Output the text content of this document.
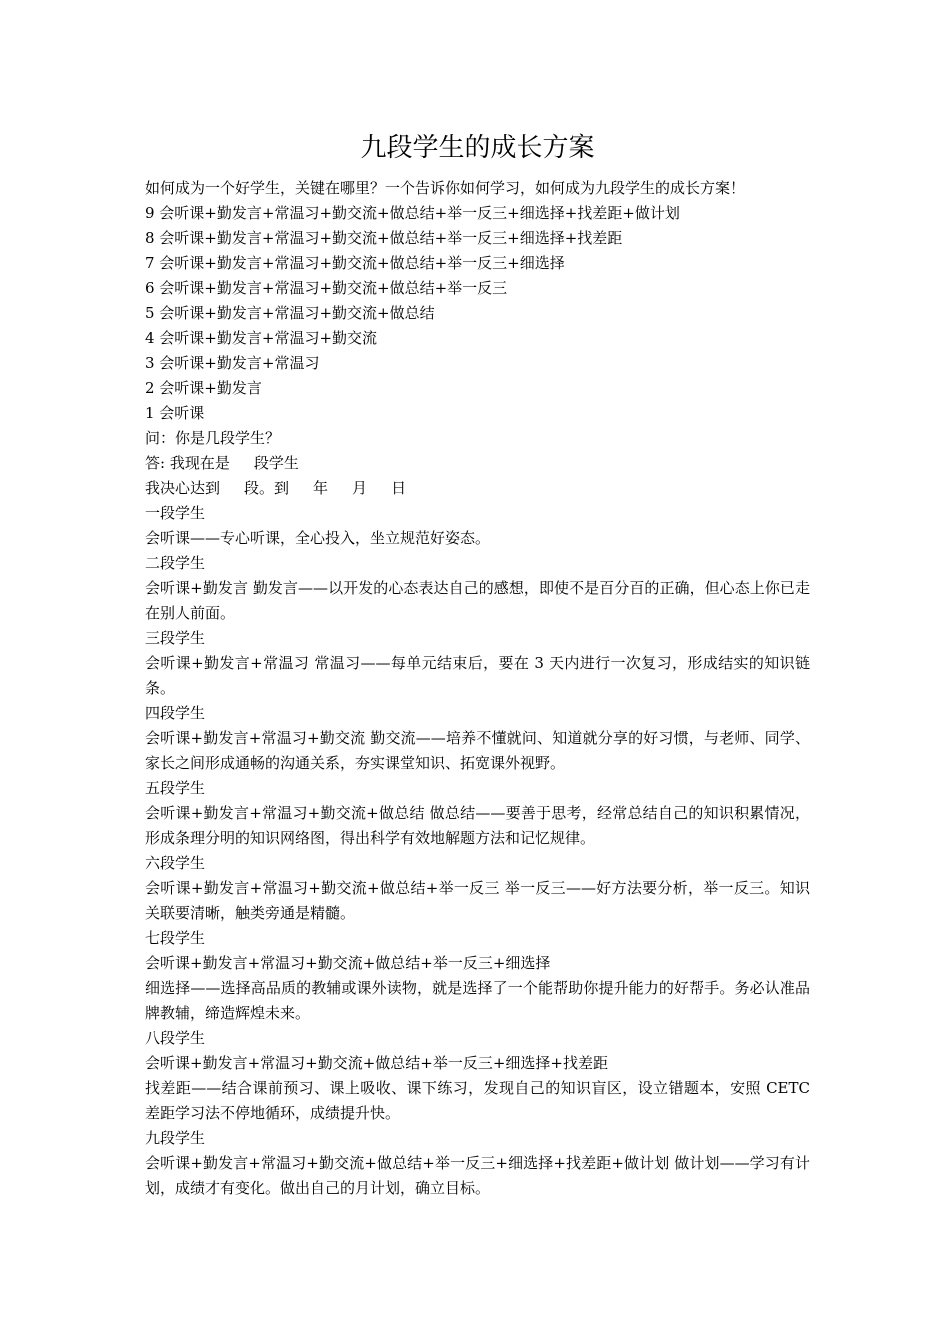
九段学生的成长方案

如何成为一个好学生，关键在哪里？一个告诉你如何学习，如何成为九段学生的成长方案！

9 会听课+勤发言+常温习+勤交流+做总结+举一反三+细选择+找差距+做计划

8 会听课+勤发言+常温习+勤交流+做总结+举一反三+细选择+找差距

7 会听课+勤发言+常温习+勤交流+做总结+举一反三+细选择

6 会听课+勤发言+常温习+勤交流+做总结+举一反三

5 会听课+勤发言+常温习+勤交流+做总结

4 会听课+勤发言+常温习+勤交流

3 会听课+勤发言+常温习

2 会听课+勤发言

1 会听课

问：你是几段学生？

答: 我现在是 段学生

我决心达到 段。到 年 月 日

一段学生

会听课——专心听课，全心投入，坐立规范好姿态。

二段学生

会听课+勤发言 勤发言——以开发的心态表达自己的感想，即使不是百分百的正确，但心态上你已走在别人前面。

三段学生

会听课+勤发言+常温习 常温习——每单元结束后，要在 3 天内进行一次复习，形成结实的知识链条。

四段学生

会听课+勤发言+常温习+勤交流 勤交流——培养不懂就问、知道就分享的好习惯，与老师、同学、家长之间形成通畅的沟通关系，夯实课堂知识、拓宽课外视野。

五段学生

会听课+勤发言+常温习+勤交流+做总结 做总结——要善于思考，经常总结自己的知识积累情况，形成条理分明的知识网络图，得出科学有效地解题方法和记忆规律。

六段学生

会听课+勤发言+常温习+勤交流+做总结+举一反三 举一反三——好方法要分析，举一反三。知识关联要清晰，触类旁通是精髓。

七段学生

会听课+勤发言+常温习+勤交流+做总结+举一反三+细选择

细选择——选择高品质的教辅或课外读物，就是选择了一个能帮助你提升能力的好帮手。务必认准品牌教辅，缔造辉煌未来。

八段学生

会听课+勤发言+常温习+勤交流+做总结+举一反三+细选择+找差距

找差距——结合课前预习、课上吸收、课下练习，发现自己的知识盲区，设立错题本，安照 CETC 差距学习法不停地循环，成绩提升快。

九段学生

会听课+勤发言+常温习+勤交流+做总结+举一反三+细选择+找差距+做计划 做计划——学习有计划，成绩才有变化。做出自己的月计划，确立目标。
